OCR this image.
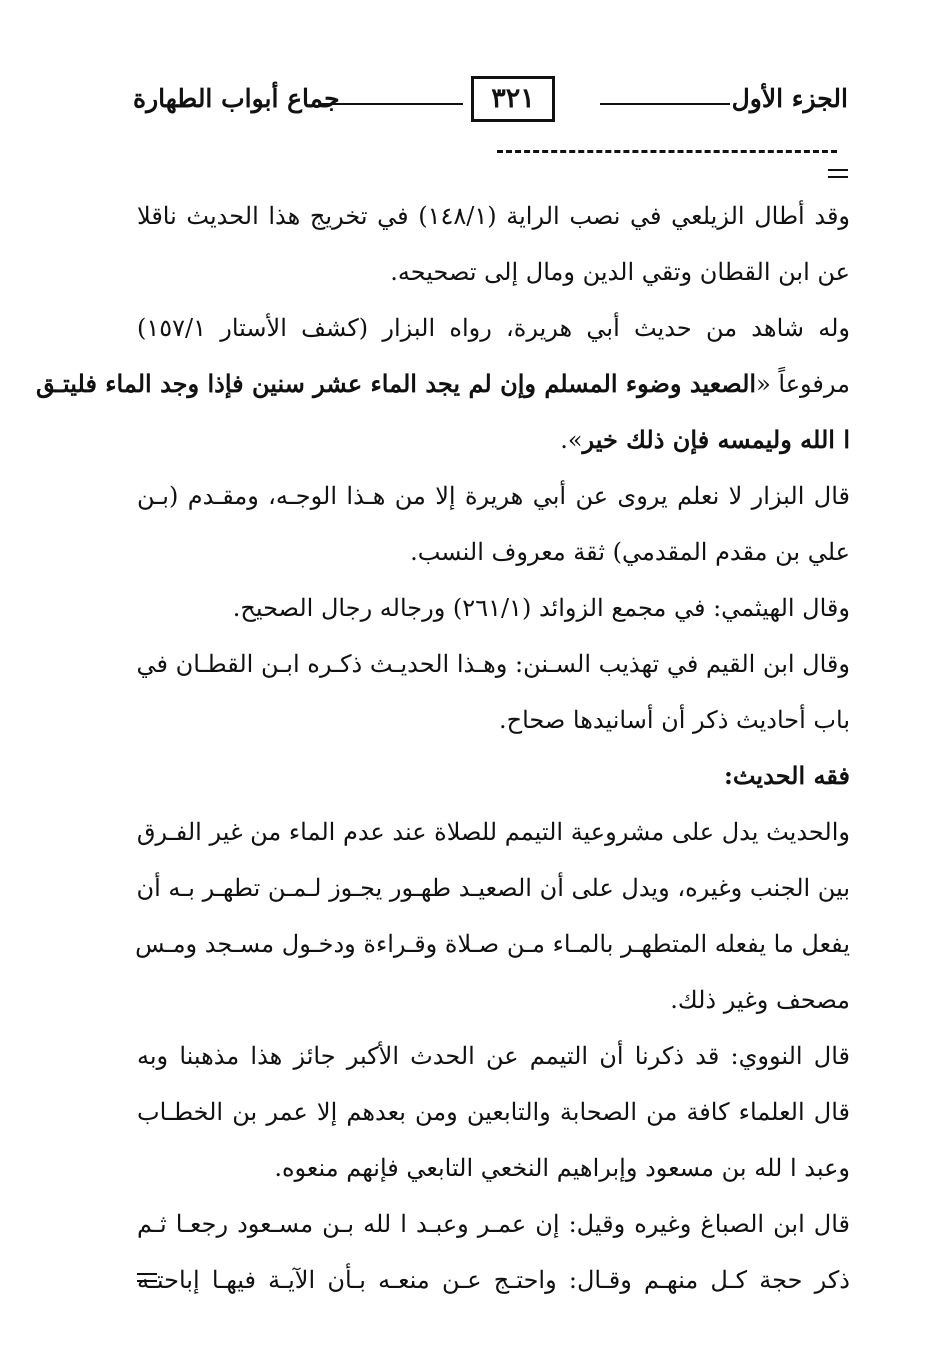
الجزء الأول
٣٢١
جماع أبواب الطهارة
وقد أطال الزيلعي في نصب الراية (١٤٨/١) في تخريج هذا الحديث ناقلا
عن ابن القطان وتقي الدين ومال إلى تصحيحه.
وله شاهد من حديث أبي هريرة، رواه البزار (كشف الأستار ١٥٧/١)
مرفوعاً «الصعيد وضوء المسلم وإن لم يجد الماء عشر سنين فإذا وجد الماء فليتـق
ا الله وليمسه فإن ذلك خير».
قال البزار لا نعلم يروى عن أبي هريرة إلا من هـذا الوجـه، ومقـدم (بـن
علي بن مقدم المقدمي) ثقة معروف النسب.
وقال الهيثمي: في مجمع الزوائد (٢٦١/١) ورجاله رجال الصحيح.
وقال ابن القيم في تهذيب السـنن: وهـذا الحديـث ذكـره ابـن القطـان في
باب أحاديث ذكر أن أسانيدها صحاح.
فقه الحديث:
والحديث يدل على مشروعية التيمم للصلاة عند عدم الماء من غير الفـرق
بين الجنب وغيره، ويدل على أن الصعيـد طهـور يجـوز لـمـن تطهـر بـه أن
يفعل ما يفعله المتطهـر بالمـاء مـن صـلاة وقـراءة ودخـول مسـجد ومـس
مصحف وغير ذلك.
قال النووي: قد ذكرنا أن التيمم عن الحدث الأكبر جائز هذا مذهبنا وبه
قال العلماء كافة من الصحابة والتابعين ومن بعدهم إلا عمر بن الخطـاب
وعبد ا لله بن مسعود وإبراهيم النخعي التابعي فإنهم منعوه.
قال ابن الصباغ وغيره وقيل: إن عمـر وعبـد ا لله بـن مسـعود رجعـا ثـم
ذكر حجة كـل منهـم وقـال: واحتـج عـن منعـه بـأن الآيـة فيهـا إباحتـه
